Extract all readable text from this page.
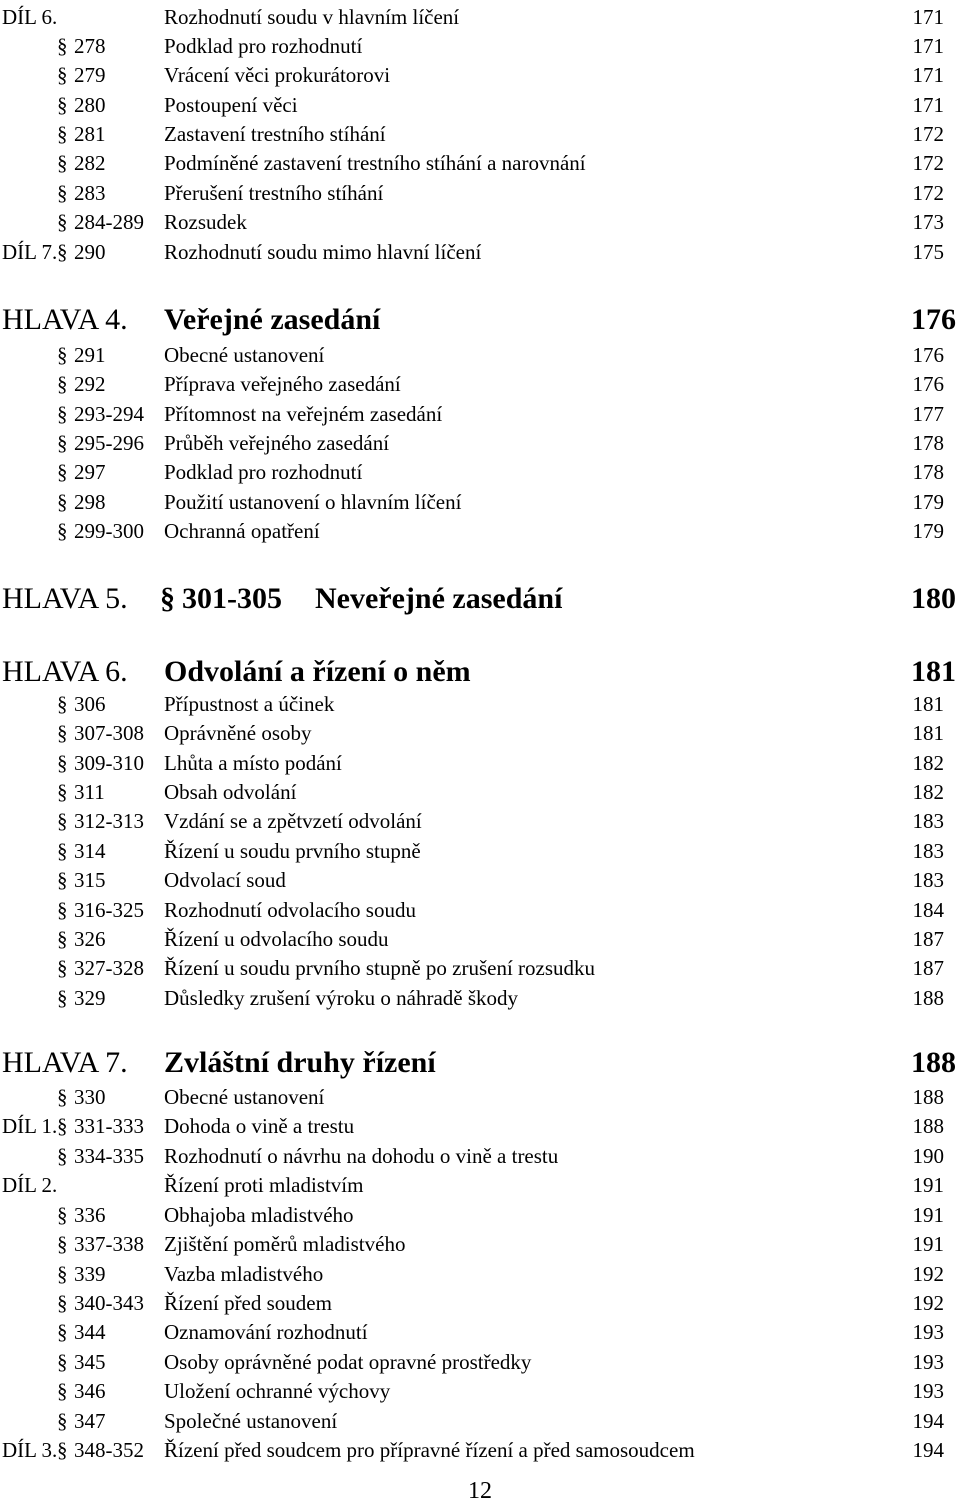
DÍL 6.	Rozhodnutí soudu v hlavním líčení	171
§ 278	Podklad pro rozhodnutí	171
§ 279	Vrácení věci prokurátorovi	171
§ 280	Postoupení věci	171
§ 281	Zastavení trestního stíhání	172
§ 282	Podmíněné zastavení trestního stíhání a narovnání	172
§ 283	Přerušení trestního stíhání	172
§ 284-289 Rozsudek	173
DÍL 7. § 290	Rozhodnutí soudu mimo hlavní líčení	175
HLAVA 4. Veřejné zasedání	176
§ 291	Obecné ustanovení	176
§ 292	Příprava veřejného zasedání	176
§ 293-294 Přítomnost na veřejném zasedání	177
§ 295-296 Průběh veřejného zasedání	178
§ 297	Podklad pro rozhodnutí	178
§ 298	Použití ustanovení o hlavním líčení	179
§ 299-300 Ochranná opatření	179
HLAVA 5. § 301-305 Neveřejné zasedání	180
HLAVA 6. Odvolání a řízení o něm	181
§ 306	Přípustnost a účinek	181
§ 307-308 Oprávněné osoby	181
§ 309-310 Lhůta a místo podání	182
§ 311	Obsah odvolání	182
§ 312-313 Vzdání se a zpětvzetí odvolání	183
§ 314	Řízení u soudu prvního stupně	183
§ 315	Odvolací soud	183
§ 316-325 Rozhodnutí odvolacího soudu	184
§ 326	Řízení u odvolacího soudu	187
§ 327-328 Řízení u soudu prvního stupně po zrušení rozsudku	187
§ 329	Důsledky zrušení výroku o náhradě škody	188
HLAVA 7. Zvláštní druhy řízení	188
§ 330	Obecné ustanovení	188
DÍL 1. § 331-333 Dohoda o vině a trestu	188
§ 334-335 Rozhodnutí o návrhu na dohodu o vině a trestu	190
DÍL 2.	Řízení proti mladistvím	191
§ 336	Obhajoba mladistvého	191
§ 337-338 Zjištění poměrů mladistvého	191
§ 339	Vazba mladistvého	192
§ 340-343 Řízení před soudem	192
§ 344	Oznamování rozhodnutí	193
§ 345	Osoby oprávněné podat opravné prostředky	193
§ 346	Uložení ochranné výchovy	193
§ 347	Společné ustanovení	194
DÍL 3. § 348-352 Řízení před soudcem pro přípravné řízení a před samosoudcem	194
12
